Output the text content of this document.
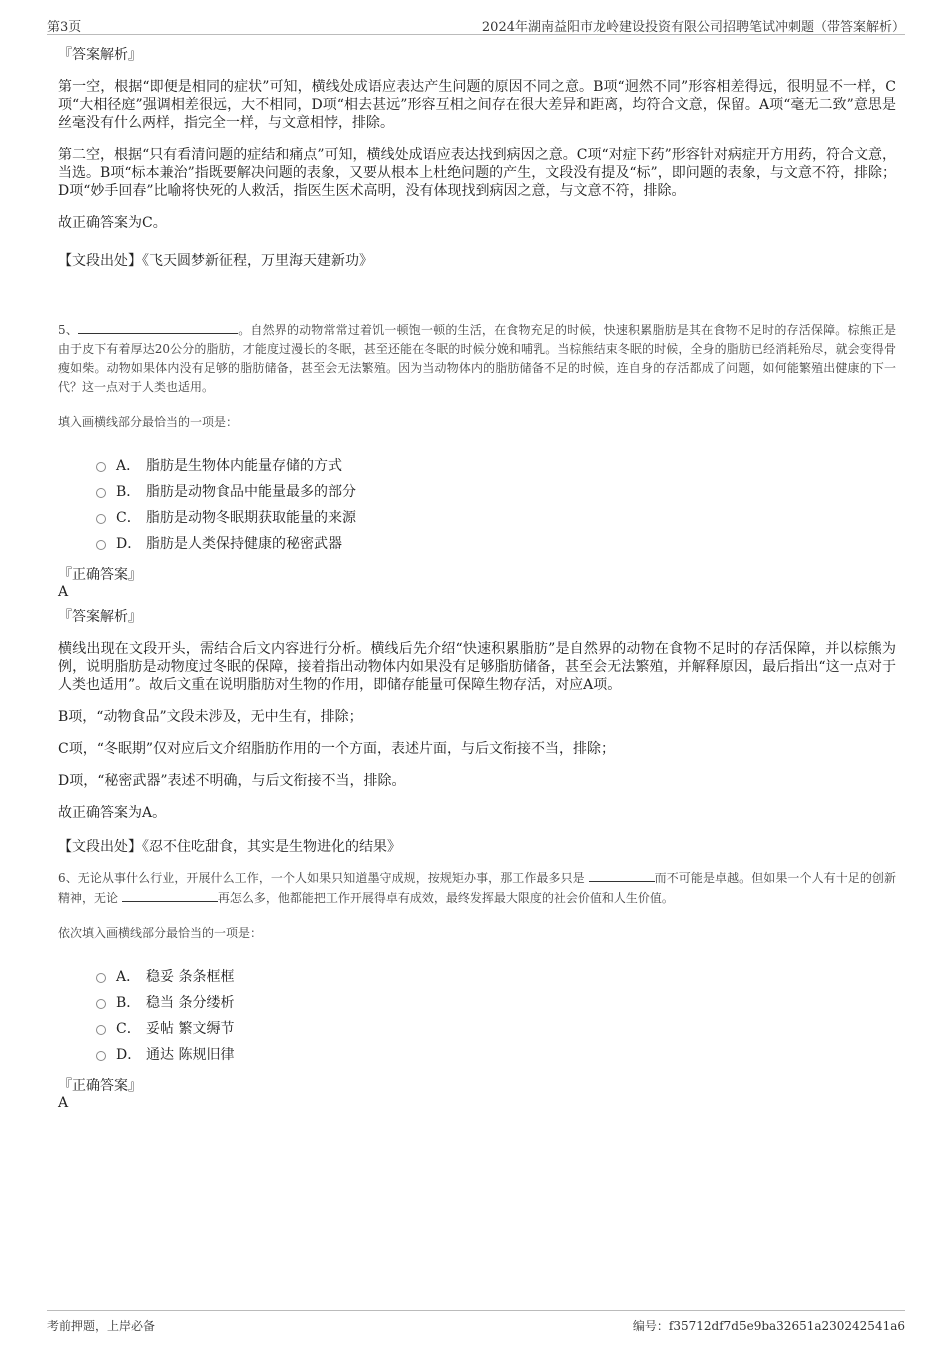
第3页	2024年湖南益阳市龙岭建设投资有限公司招聘笔试冲刺题（带答案解析）

『答案解析』

第一空，根据“即便是相同的症状”可知，横线处成语应表达产生问题的原因不同之意。B项“迥然不同”形容相差得远，很明显不一样，C项“大相径庭”强调相差很远，大不相同，D项“相去甚远”形容互相之间存在很大差异和距离，均符合文意，保留。A项“毫无二致”意思是丝毫没有什么两样，指完全一样，与文意相悖，排除。

第二空，根据“只有看清问题的症结和痛点”可知，横线处成语应表达找到病因之意。C项“对症下药”形容针对病症开方用药，符合文意，当选。B项“标本兼治”指既要解决问题的表象，又要从根本上杜绝问题的产生，文段没有提及“标”，即问题的表象，与文意不符，排除；D项“妙手回春”比喻将快死的人救活，指医生医术高明，没有体现找到病因之意，与文意不符，排除。

故正确答案为C。

【文段出处】《飞天圆梦新征程，万里海天建新功》

5、	。自然界的动物常常过着饥一顿饱一顿的生活，在食物充足的时候，快速积累脂肪是其在食物不足时的存活保障。棕熊正是由于皮下有着厚达20公分的脂肪，才能度过漫长的冬眠，甚至还能在冬眠的时候分娩和哺乳。当棕熊结束冬眠的时候，全身的脂肪已经消耗殆尽，就会变得骨瘦如柴。动物如果体内没有足够的脂肪储备，甚至会无法繁殖。因为当动物体内的脂肪储备不足的时候，连自身的存活都成了问题，如何能繁殖出健康的下一代？这一点对于人类也适用。

填入画横线部分最恰当的一项是：

A． 脂肪是生物体内能量存储的方式
B． 脂肪是动物食品中能量最多的部分
C． 脂肪是动物冬眠期获取能量的来源
D． 脂肪是人类保持健康的秘密武器

『正确答案』

A

『答案解析』

横线出现在文段开头，需结合后文内容进行分析。横线后先介绍“快速积累脂肪”是自然界的动物在食物不足时的存活保障，并以棕熊为例，说明脂肪是动物度过冬眠的保障，接着指出动物体内如果没有足够脂肪储备，甚至会无法繁殖，并解释原因，最后指出“这一点对于人类也适用”。故后文重在说明脂肪对生物的作用，即储存能量可保障生物存活，对应A项。

B项，“动物食品”文段未涉及，无中生有，排除；

C项，“冬眠期”仅对应后文介绍脂肪作用的一个方面，表述片面，与后文衔接不当，排除；

D项，“秘密武器”表述不明确，与后文衔接不当，排除。

故正确答案为A。

【文段出处】《忍不住吃甜食，其实是生物进化的结果》

6、无论从事什么行业，开展什么工作，一个人如果只知道墨守成规，按规矩办事，那工作最多只是	而不可能是卓越。但如果一个人有十足的创新精神，无论	再怎么多，他都能把工作开展得卓有成效，最终发挥最大限度的社会价值和人生价值。

依次填入画横线部分最恰当的一项是：

A． 稳妥 条条框框
B． 稳当 条分缕析
C． 妥帖 繁文缛节
D． 通达 陈规旧律

『正确答案』

A

考前押题，上岸必备	编号：f35712df7d5e9ba32651a230242541a6
